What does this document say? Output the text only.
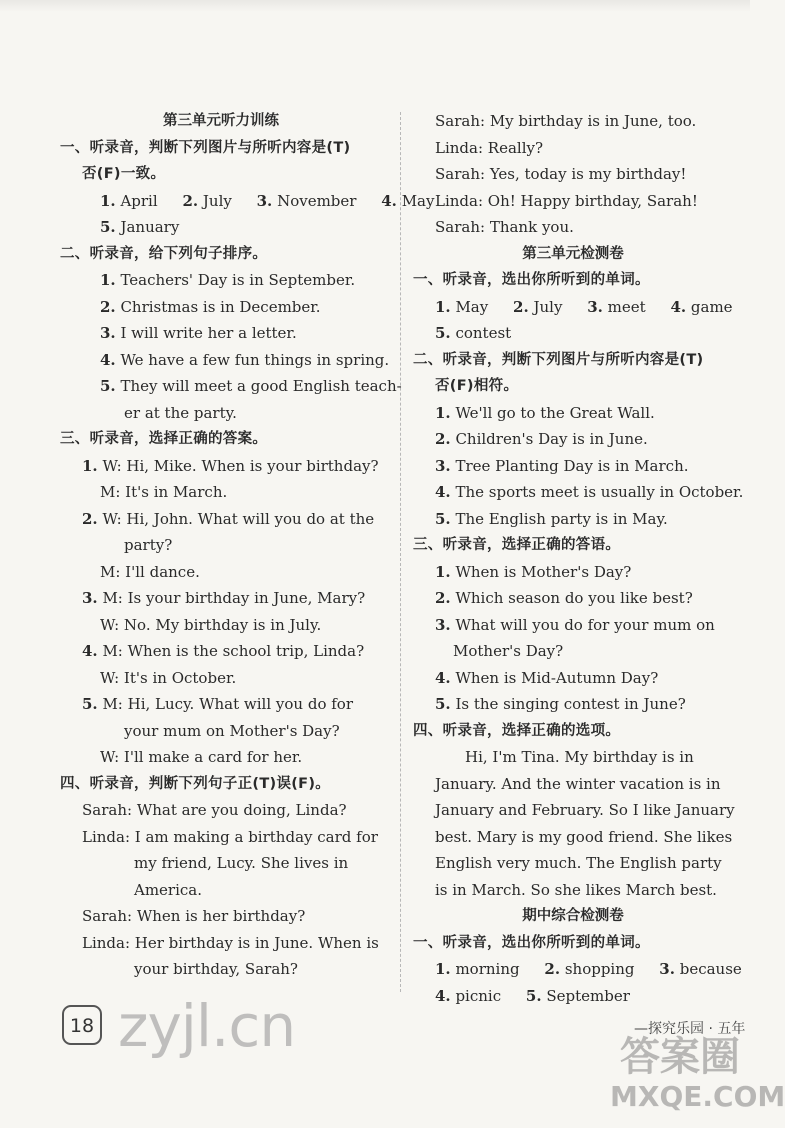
第三单元听力训练
一、听录音，判断下列图片与所听内容是(T)
否(F)一致。
1. April 2. July 3. November 4. May
5. January
二、听录音，给下列句子排序。
1. Teachers' Day is in September.
2. Christmas is in December.
3. I will write her a letter.
4. We have a few fun things in spring.
5. They will meet a good English teach-
er at the party.
三、听录音，选择正确的答案。
1. W: Hi, Mike. When is your birthday?
M: It's in March.
2. W: Hi, John. What will you do at the
party?
M: I'll dance.
3. M: Is your birthday in June, Mary?
W: No. My birthday is in July.
4. M: When is the school trip, Linda?
W: It's in October.
5. M: Hi, Lucy. What will you do for
your mum on Mother's Day?
W: I'll make a card for her.
四、听录音，判断下列句子正(T)误(F)。
Sarah: What are you doing, Linda?
Linda: I am making a birthday card for
my friend, Lucy. She lives in
America.
Sarah: When is her birthday?
Linda: Her birthday is in June. When is
your birthday, Sarah?
Sarah: My birthday is in June, too.
Linda: Really?
Sarah: Yes, today is my birthday!
Linda: Oh! Happy birthday, Sarah!
Sarah: Thank you.
第三单元检测卷
一、听录音，选出你所听到的单词。
1. May 2. July 3. meet 4. game
5. contest
二、听录音，判断下列图片与所听内容是(T)
否(F)相符。
1. We'll go to the Great Wall.
2. Children's Day is in June.
3. Tree Planting Day is in March.
4. The sports meet is usually in October.
5. The English party is in May.
三、听录音，选择正确的答语。
1. When is Mother's Day?
2. Which season do you like best?
3. What will you do for your mum on
Mother's Day?
4. When is Mid-Autumn Day?
5. Is the singing contest in June?
四、听录音，选择正确的选项。
Hi, I'm Tina. My birthday is in
January. And the winter vacation is in
January and February. So I like January
best. Mary is my good friend. She likes
English very much. The English party
is in March. So she likes March best.
期中综合检测卷
一、听录音，选出你所听到的单词。
1. morning 2. shopping 3. because
4. picnic 5. September
18 zyjl.cn	—探究乐园 · 五年
答案圈
MXQE.COM
